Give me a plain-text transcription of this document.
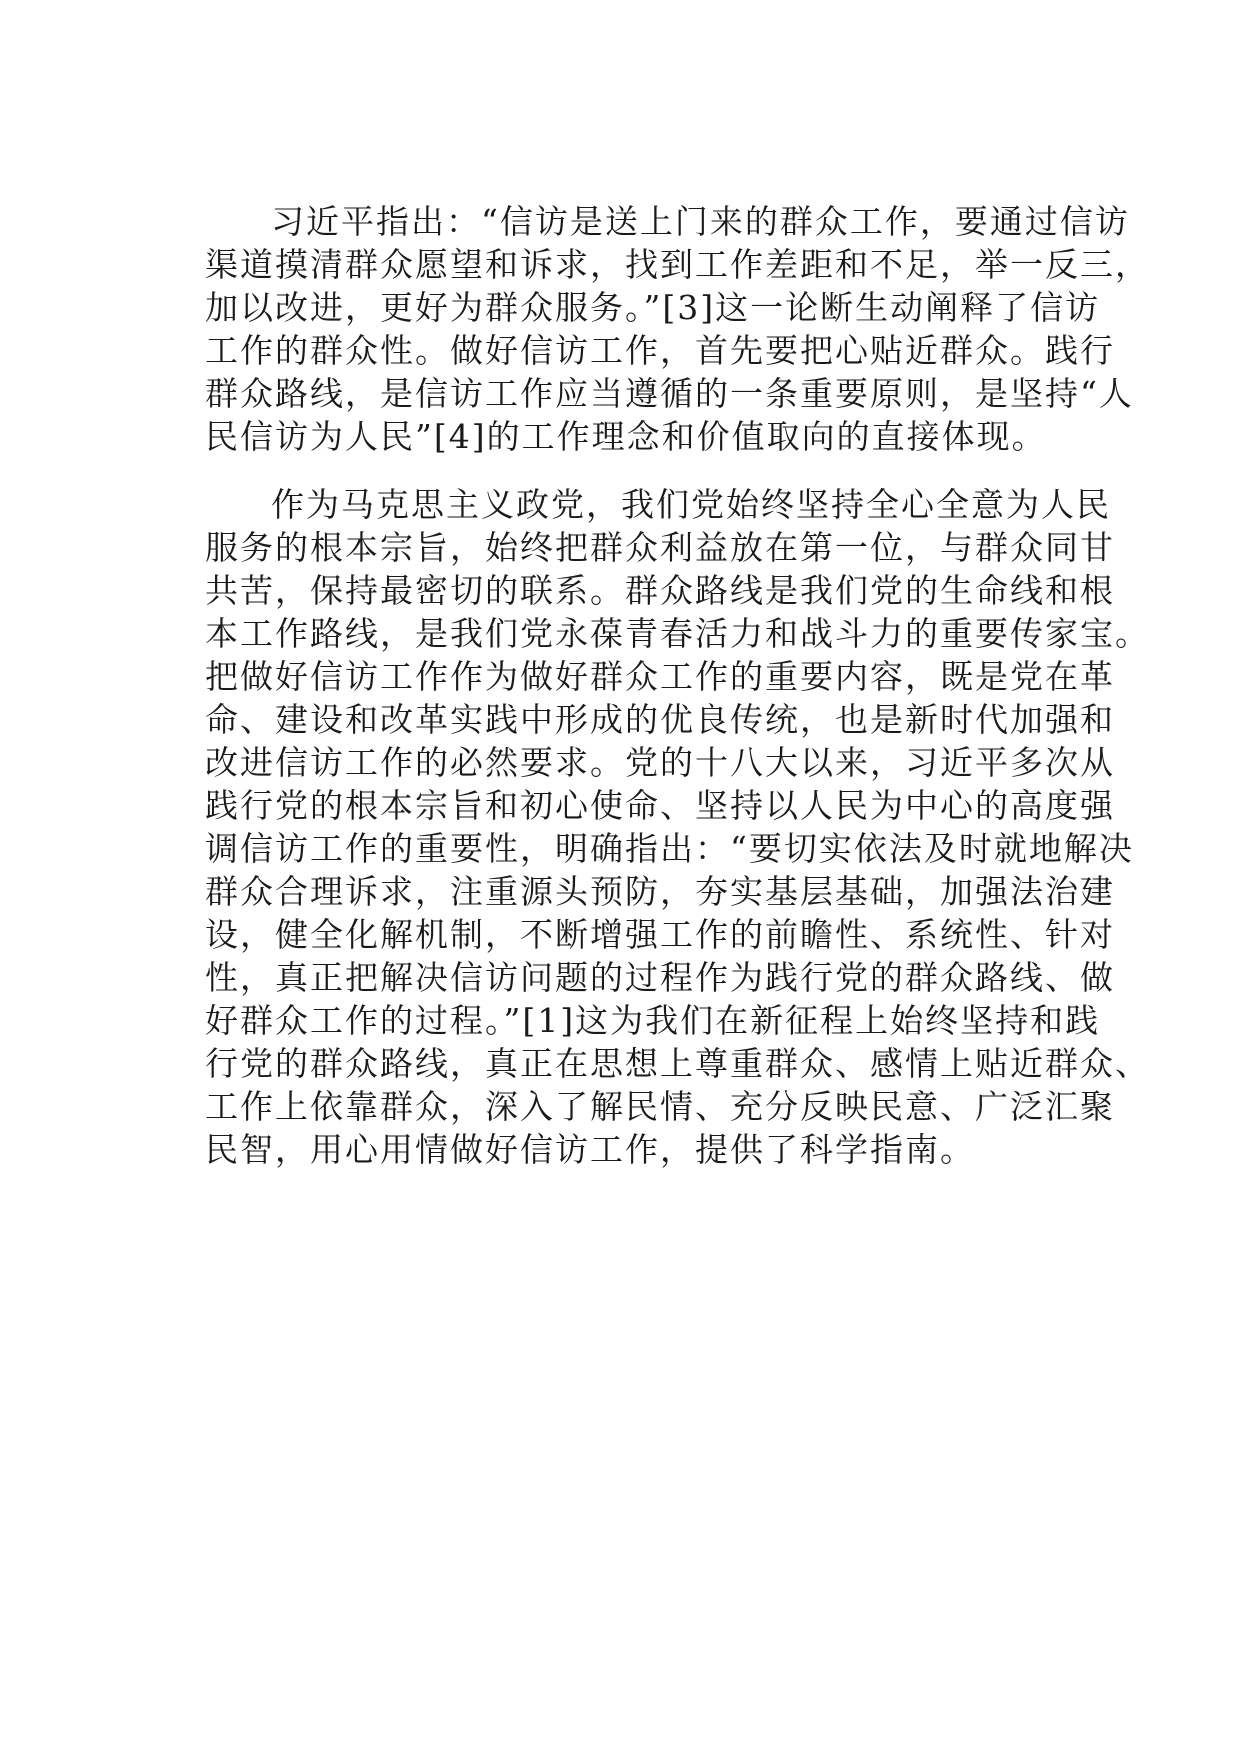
习近平指出：“信访是送上门来的群众工作，要通过信访
渠道摸清群众愿望和诉求，找到工作差距和不足，举一反三，
加以改进，更好为群众服务。”[3]这一论断生动阐释了信访
工作的群众性。做好信访工作，首先要把心贴近群众。践行
群众路线，是信访工作应当遵循的一条重要原则，是坚持“人
民信访为人民”[4]的工作理念和价值取向的直接体现。

作为马克思主义政党，我们党始终坚持全心全意为人民
服务的根本宗旨，始终把群众利益放在第一位，与群众同甘
共苦，保持最密切的联系。群众路线是我们党的生命线和根
本工作路线，是我们党永葆青春活力和战斗力的重要传家宝。
把做好信访工作作为做好群众工作的重要内容，既是党在革
命、建设和改革实践中形成的优良传统，也是新时代加强和
改进信访工作的必然要求。党的十八大以来，习近平多次从
践行党的根本宗旨和初心使命、坚持以人民为中心的高度强
调信访工作的重要性，明确指出：“要切实依法及时就地解决
群众合理诉求，注重源头预防，夯实基层基础，加强法治建
设，健全化解机制，不断增强工作的前瞻性、系统性、针对
性，真正把解决信访问题的过程作为践行党的群众路线、做
好群众工作的过程。”[1]这为我们在新征程上始终坚持和践
行党的群众路线，真正在思想上尊重群众、感情上贴近群众、
工作上依靠群众，深入了解民情、充分反映民意、广泛汇聚
民智，用心用情做好信访工作，提供了科学指南。
